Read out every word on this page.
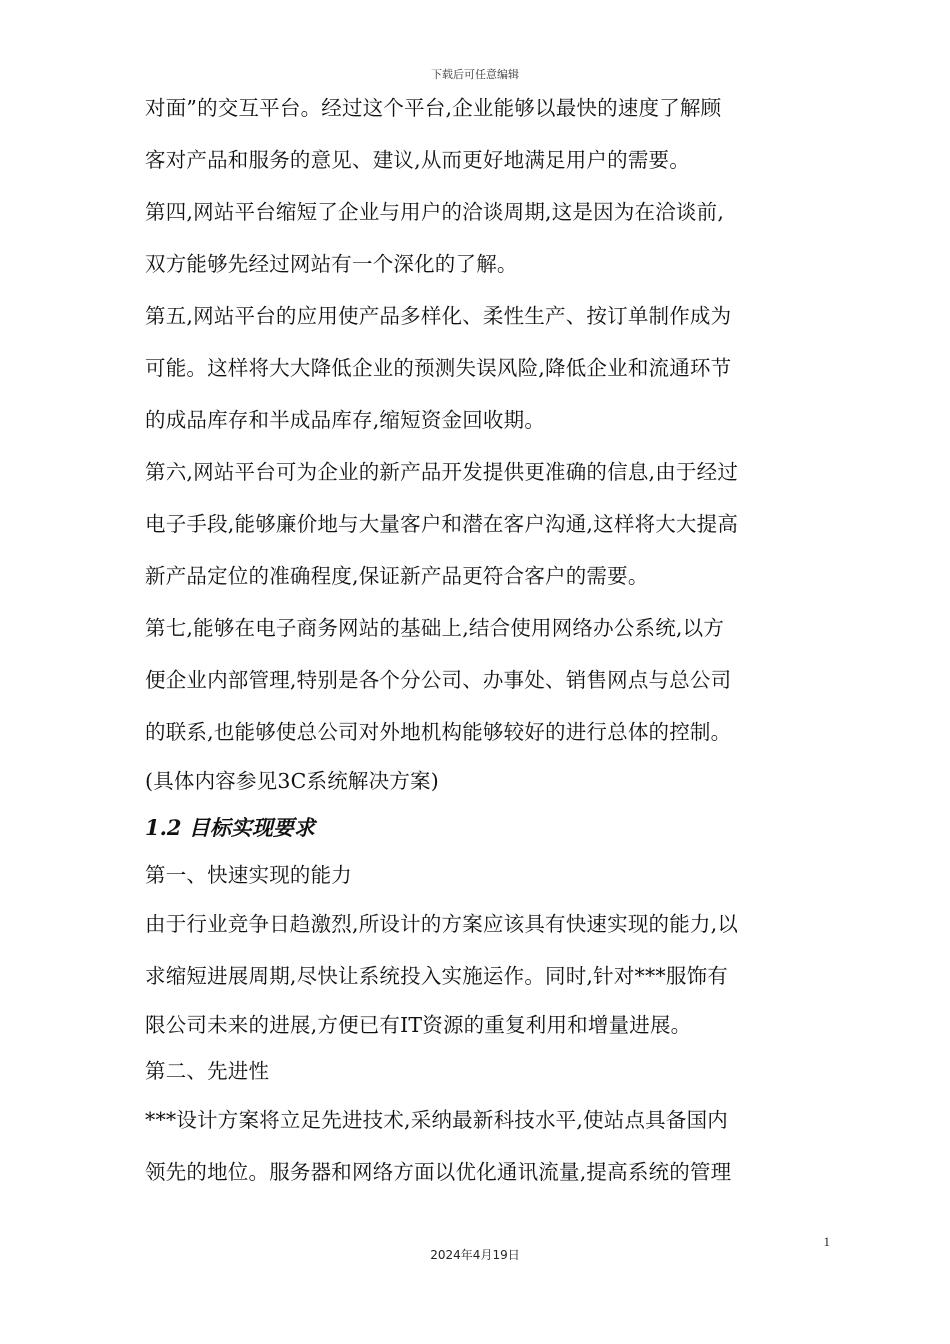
下载后可任意编辑
对面”的交互平台。经过这个平台,企业能够以最快的速度了解顾
客对产品和服务的意见、建议,从而更好地满足用户的需要。
第四,网站平台缩短了企业与用户的洽谈周期,这是因为在洽谈前,
双方能够先经过网站有一个深化的了解。
第五,网站平台的应用使产品多样化、柔性生产、按订单制作成为
可能。这样将大大降低企业的预测失误风险,降低企业和流通环节
的成品库存和半成品库存,缩短资金回收期。
第六,网站平台可为企业的新产品开发提供更准确的信息,由于经过
电子手段,能够廉价地与大量客户和潜在客户沟通,这样将大大提高
新产品定位的准确程度,保证新产品更符合客户的需要。
第七,能够在电子商务网站的基础上,结合使用网络办公系统,以方
便企业内部管理,特别是各个分公司、办事处、销售网点与总公司
的联系,也能够使总公司对外地机构能够较好的进行总体的控制。
(具体内容参见3C系统解决方案)
1.2 目标实现要求
第一、快速实现的能力
由于行业竞争日趋激烈,所设计的方案应该具有快速实现的能力,以
求缩短进展周期,尽快让系统投入实施运作。同时,针对***服饰有
限公司未来的进展,方便已有IT资源的重复利用和增量进展。
第二、先进性
***设计方案将立足先进技术,采纳最新科技水平,使站点具备国内
领先的地位。服务器和网络方面以优化通讯流量,提高系统的管理
1
2024年4月19日
